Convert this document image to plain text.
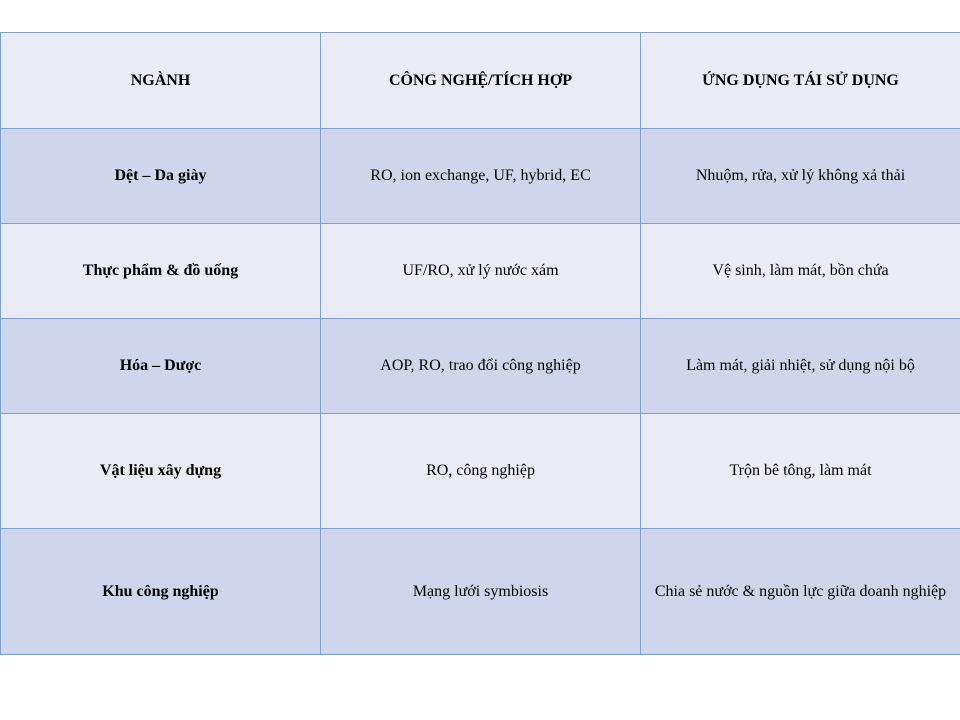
NGÀNH	CÔNG NGHỆ/TÍCH HỢP	ỨNG DỤNG TÁI SỬ DỤNG
Dệt – Da giày	RO, ion exchange, UF, hybrid, EC	Nhuộm, rửa, xử lý không xả thải
Thực phẩm & đồ uống	UF/RO, xử lý nước xám	Vệ sinh, làm mát, bồn chứa
Hóa – Dược	AOP, RO, trao đổi công nghiệp	Làm mát, giải nhiệt, sử dụng nội bộ
Vật liệu xây dựng	RO, công nghiệp	Trộn bê tông, làm mát
Khu công nghiệp	Mạng lưới symbiosis	Chia sẻ nước & nguồn lực giữa doanh nghiệp
